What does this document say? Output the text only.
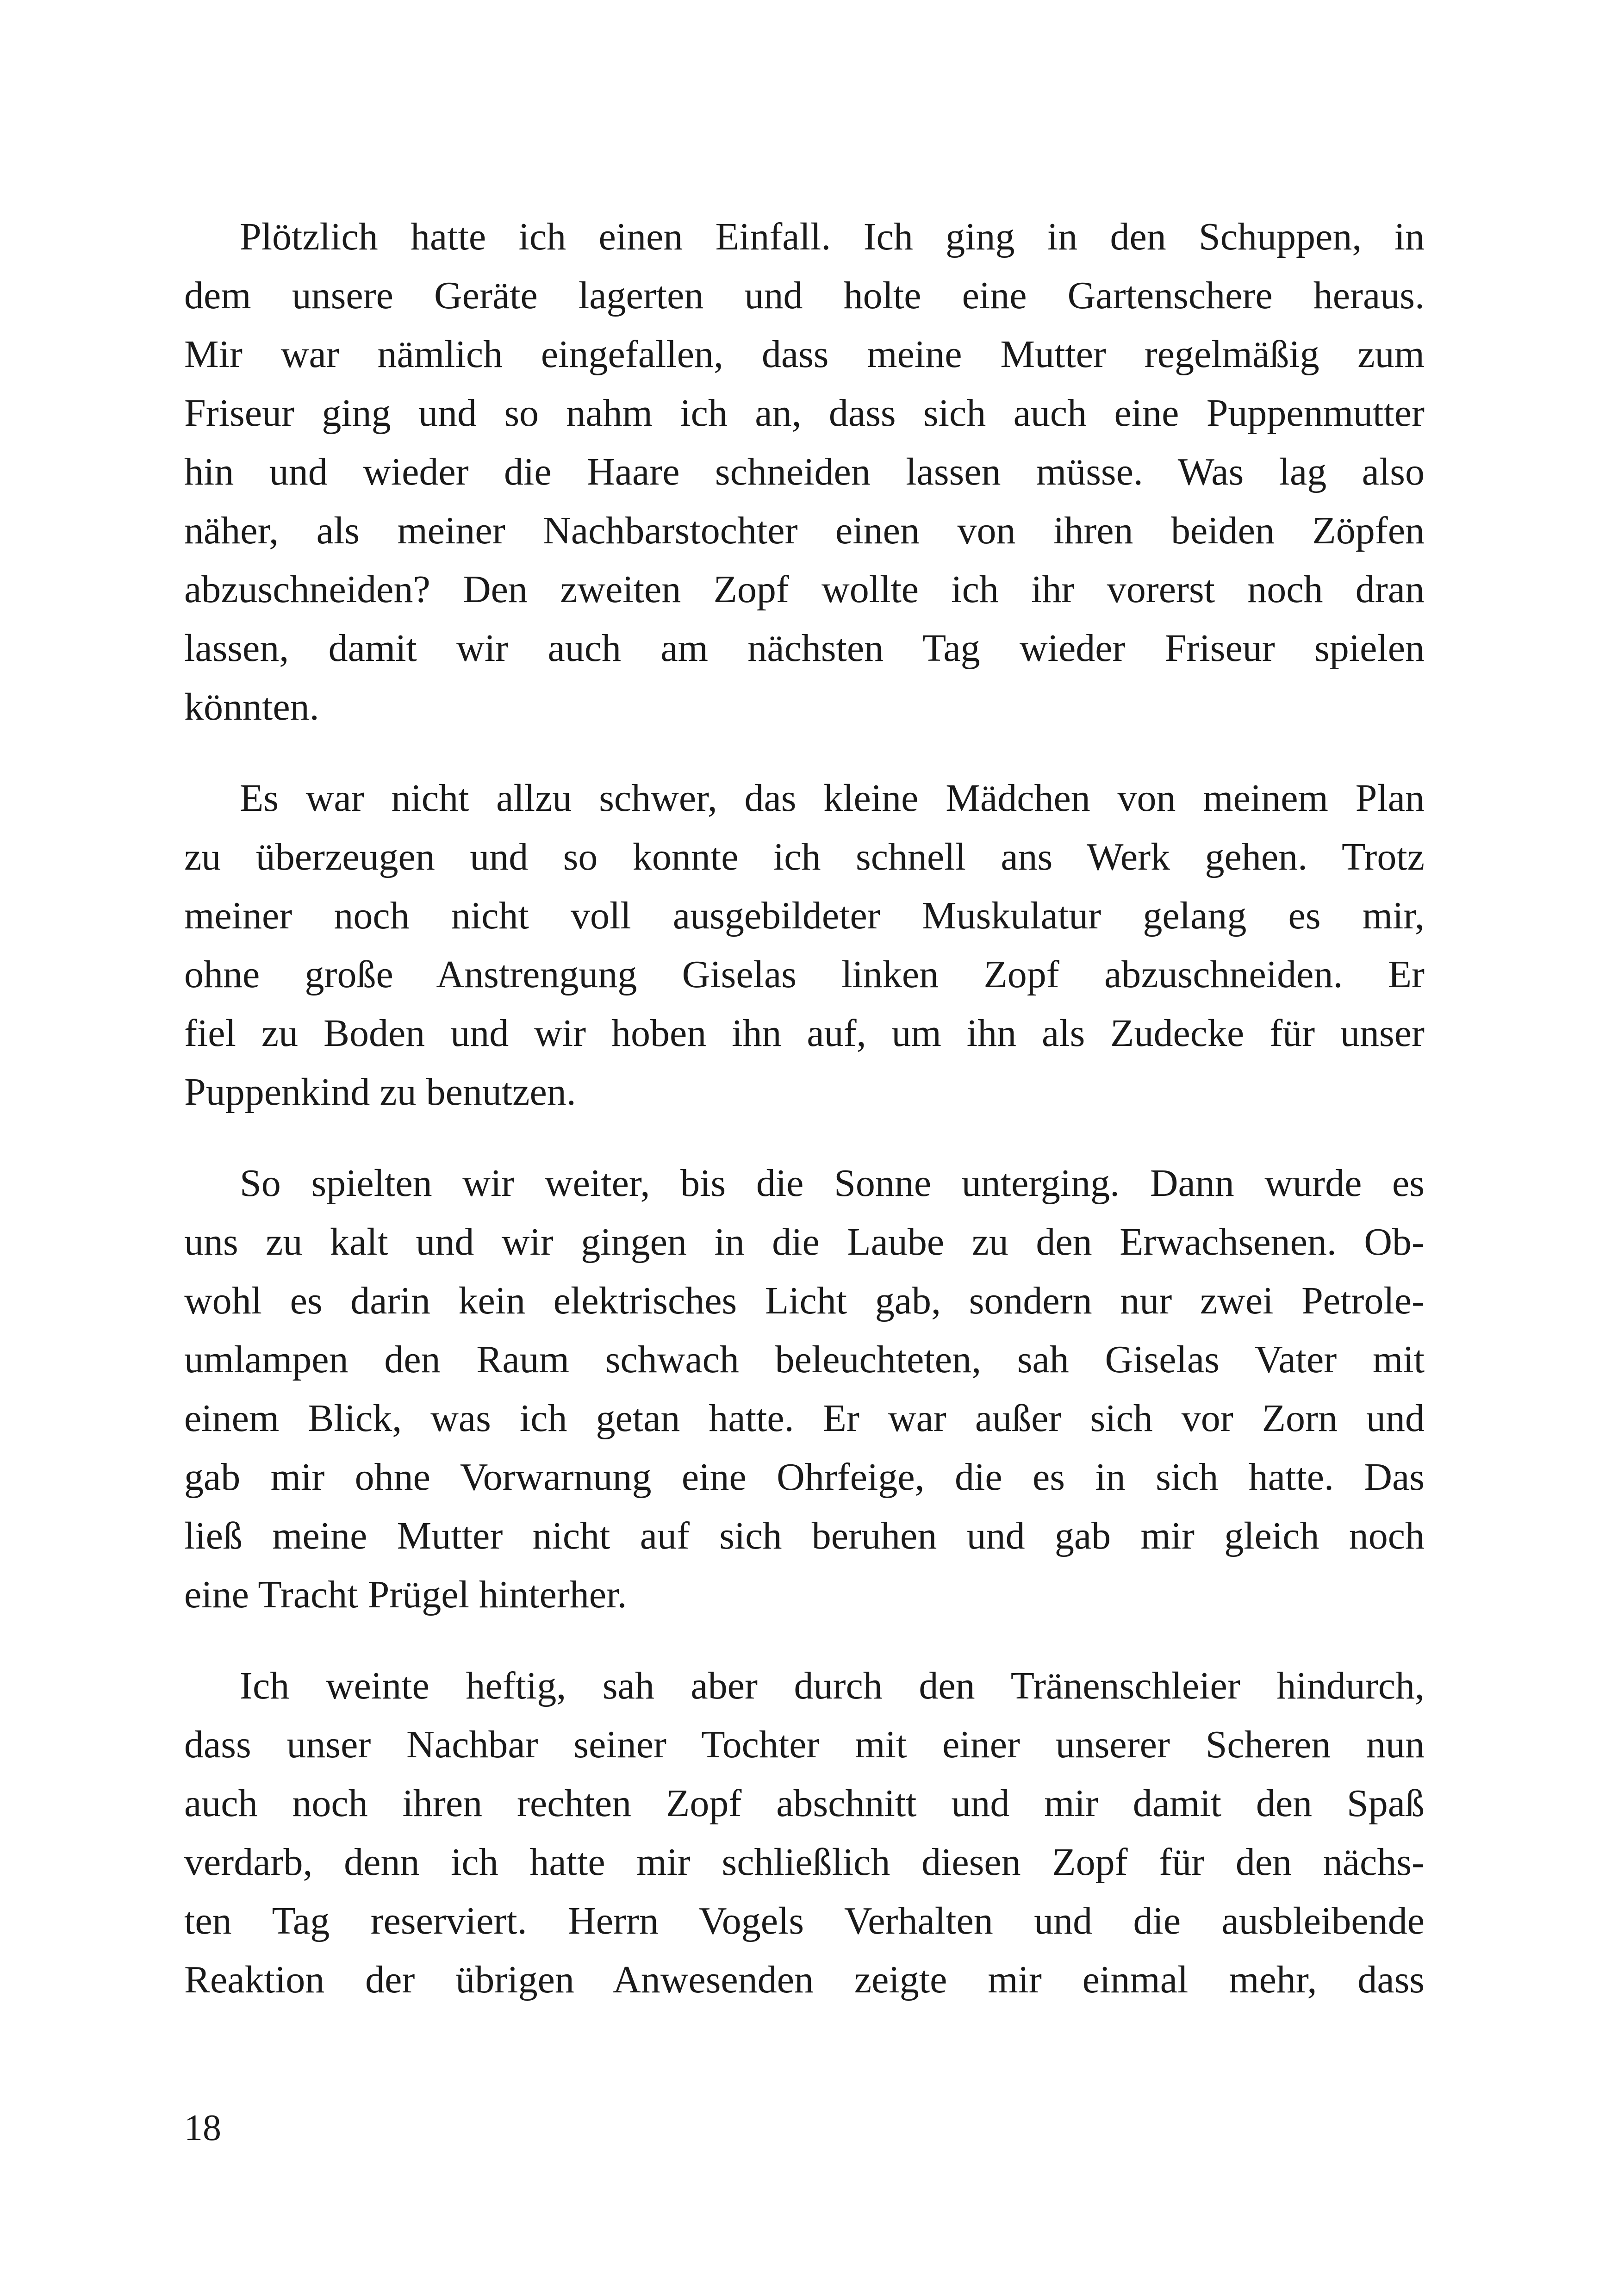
Plötzlich hatte ich einen Einfall. Ich ging in den Schuppen, in
dem unsere Geräte lagerten und holte eine Gartenschere heraus.
Mir war nämlich eingefallen, dass meine Mutter regelmäßig zum
Friseur ging und so nahm ich an, dass sich auch eine Puppenmutter
hin und wieder die Haare schneiden lassen müsse. Was lag also
näher, als meiner Nachbarstochter einen von ihren beiden Zöpfen
abzuschneiden? Den zweiten Zopf wollte ich ihr vorerst noch dran
lassen, damit wir auch am nächsten Tag wieder Friseur spielen
könnten.
Es war nicht allzu schwer, das kleine Mädchen von meinem Plan
zu überzeugen und so konnte ich schnell ans Werk gehen. Trotz
meiner noch nicht voll ausgebildeter Muskulatur gelang es mir,
ohne große Anstrengung Giselas linken Zopf abzuschneiden. Er
fiel zu Boden und wir hoben ihn auf, um ihn als Zudecke für unser
Puppenkind zu benutzen.
So spielten wir weiter, bis die Sonne unterging. Dann wurde es
uns zu kalt und wir gingen in die Laube zu den Erwachsenen. Ob-
wohl es darin kein elektrisches Licht gab, sondern nur zwei Petrole-
umlampen den Raum schwach beleuchteten, sah Giselas Vater mit
einem Blick, was ich getan hatte. Er war außer sich vor Zorn und
gab mir ohne Vorwarnung eine Ohrfeige, die es in sich hatte. Das
ließ meine Mutter nicht auf sich beruhen und gab mir gleich noch
eine Tracht Prügel hinterher.
Ich weinte heftig, sah aber durch den Tränenschleier hindurch,
dass unser Nachbar seiner Tochter mit einer unserer Scheren nun
auch noch ihren rechten Zopf abschnitt und mir damit den Spaß
verdarb, denn ich hatte mir schließlich diesen Zopf für den nächs-
ten Tag reserviert. Herrn Vogels Verhalten und die ausbleibende
Reaktion der übrigen Anwesenden zeigte mir einmal mehr, dass
18
